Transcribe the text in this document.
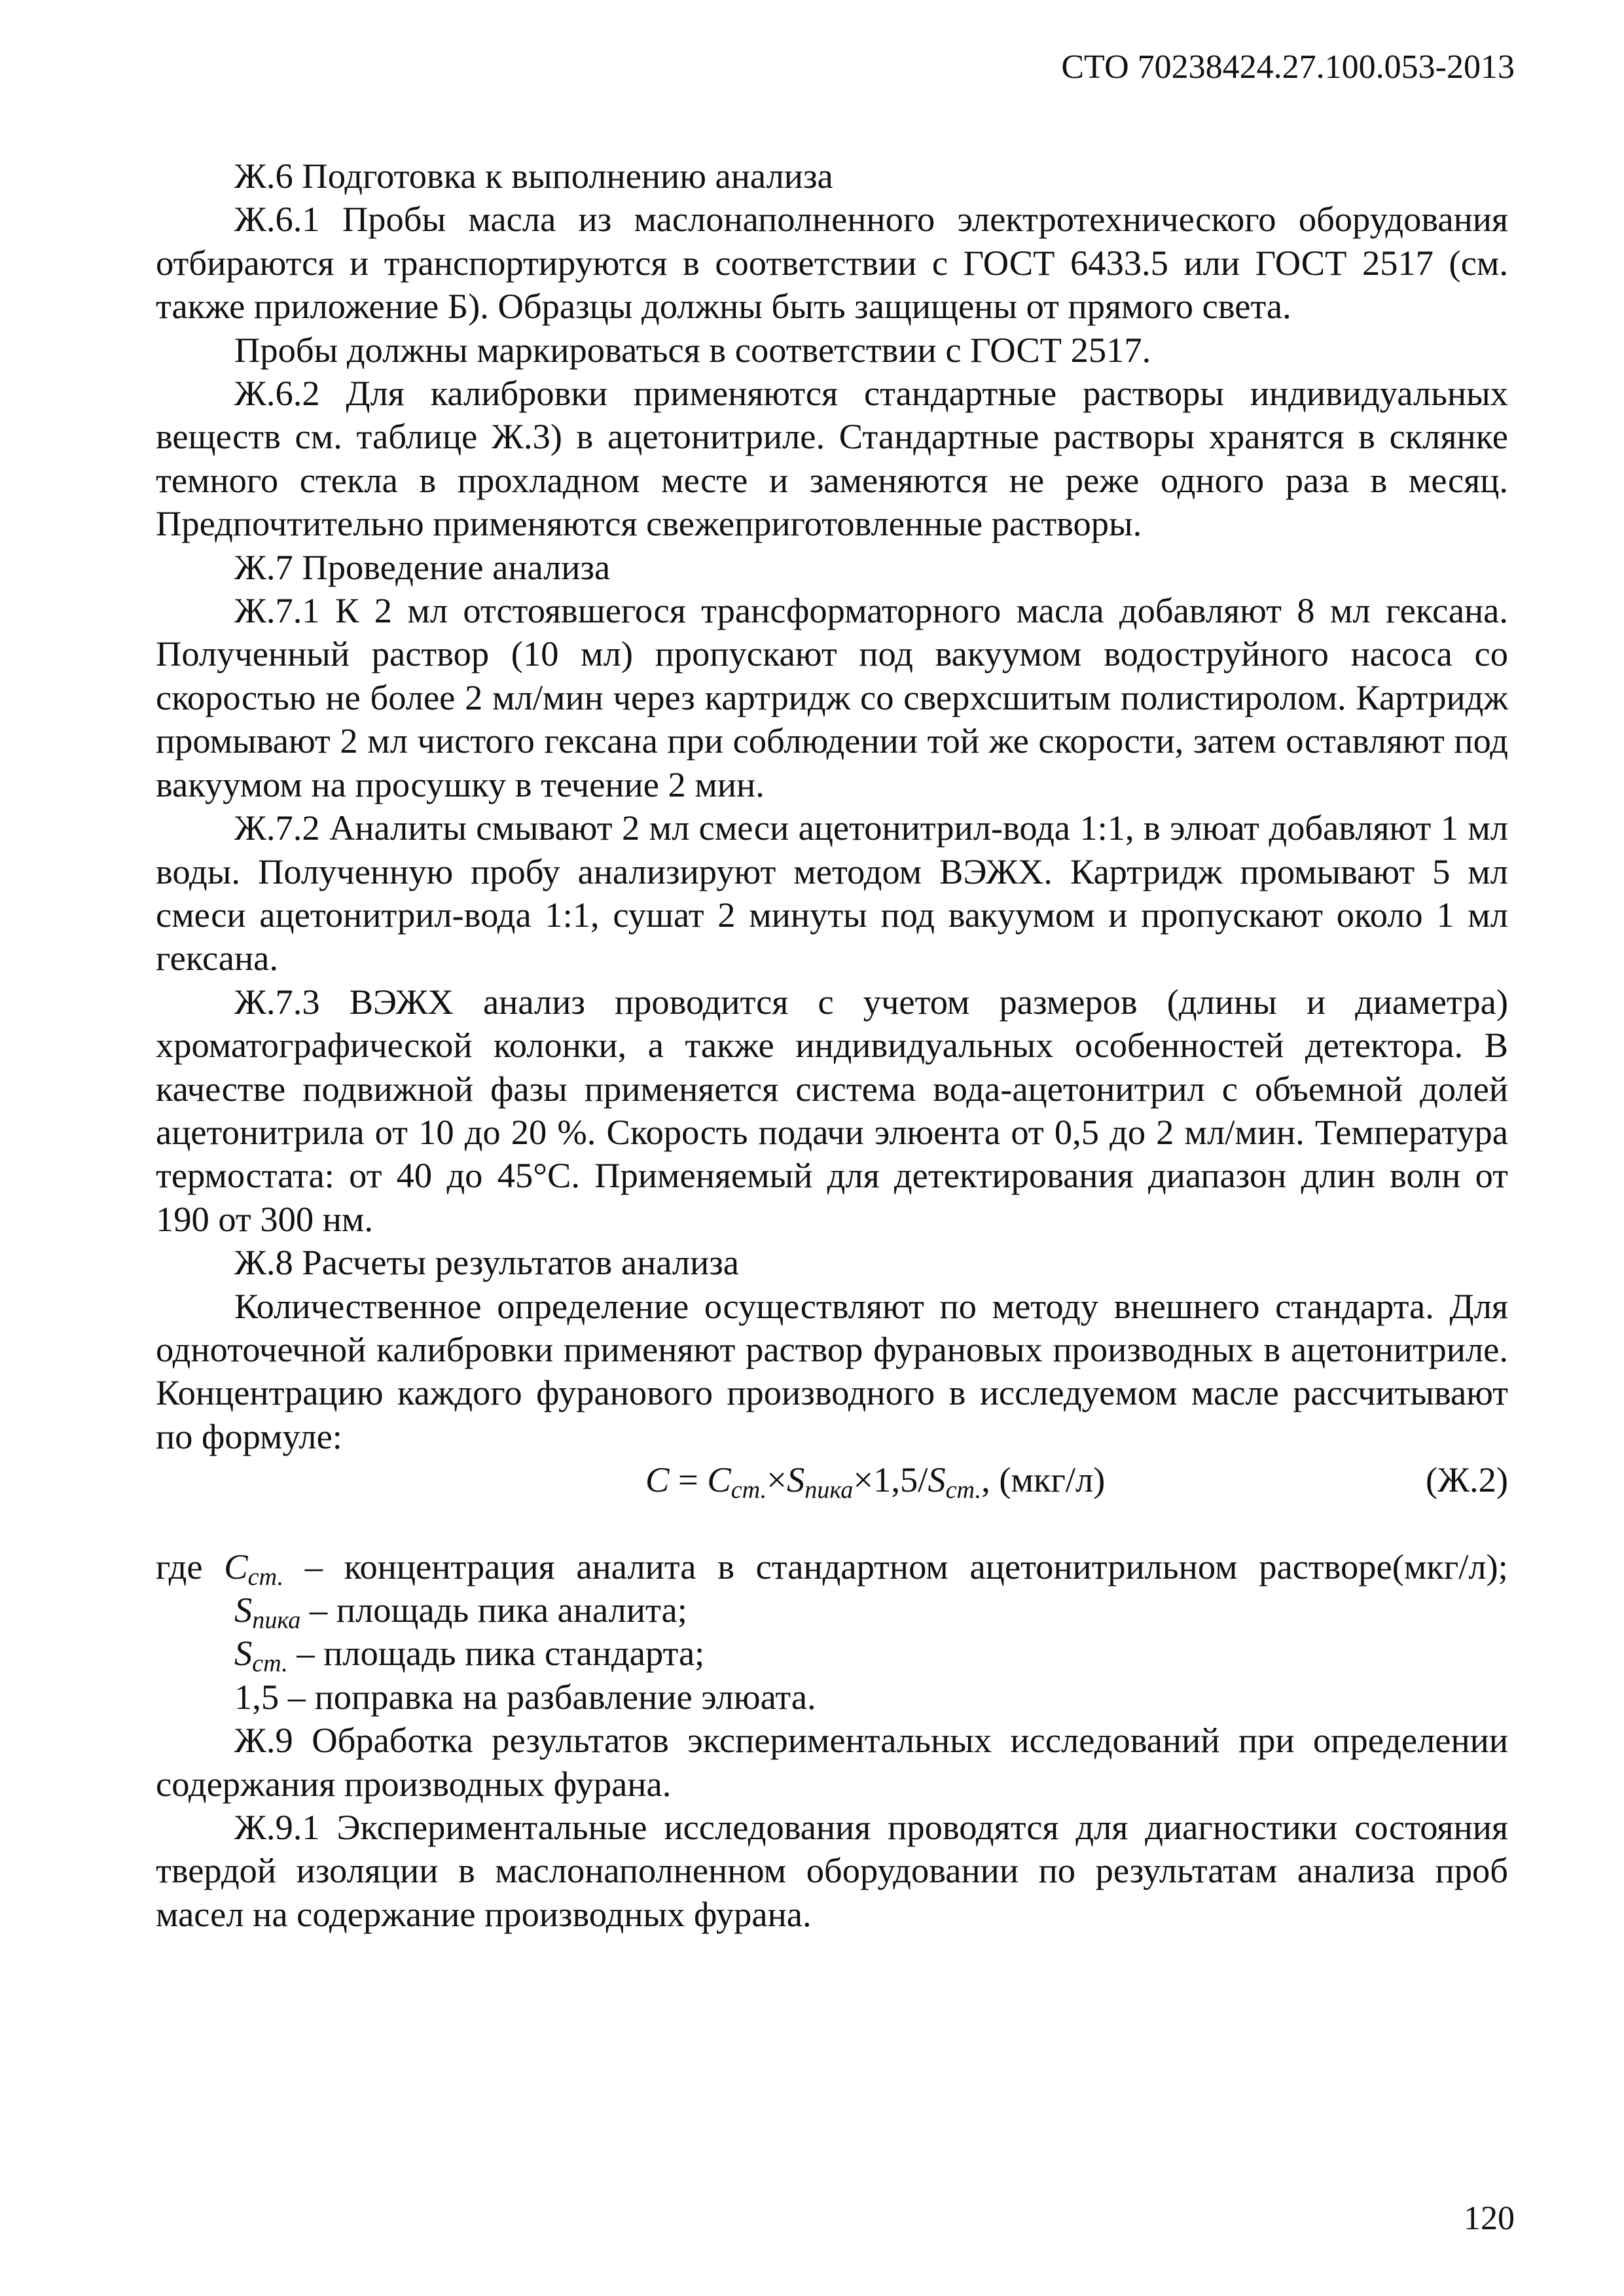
СТО 70238424.27.100.053-2013

Ж.6 Подготовка к выполнению анализа

Ж.6.1 Пробы масла из маслонаполненного электротехнического оборудования отбираются и транспортируются в соответствии с ГОСТ 6433.5 или ГОСТ 2517 (см. также приложение Б). Образцы должны быть защищены от прямого света.

Пробы должны маркироваться в соответствии с ГОСТ 2517.

Ж.6.2 Для калибровки применяются стандартные растворы индивидуальных веществ см. таблице Ж.3) в ацетонитриле. Стандартные растворы хранятся в склянке темного стекла в прохладном месте и заменяются не реже одного раза в месяц. Предпочтительно применяются свежеприготовленные растворы.

Ж.7 Проведение анализа

Ж.7.1 К 2 мл отстоявшегося трансформаторного масла добавляют 8 мл гексана. Полученный раствор (10 мл) пропускают под вакуумом водоструйного насоса со скоростью не более 2 мл/мин через картридж со сверхсшитым полистиролом. Картридж промывают 2 мл чистого гексана при соблюдении той же скорости, затем оставляют под вакуумом на просушку в течение 2 мин.

Ж.7.2 Аналиты смывают 2 мл смеси ацетонитрил-вода 1:1, в элюат добавляют 1 мл воды. Полученную пробу анализируют методом ВЭЖХ. Картридж промывают 5 мл смеси ацетонитрил-вода 1:1, сушат 2 минуты под вакуумом и пропускают около 1 мл гексана.

Ж.7.3 ВЭЖХ анализ проводится с учетом размеров (длины и диаметра) хроматографической колонки, а также индивидуальных особенностей детектора. В качестве подвижной фазы применяется система вода-ацетонитрил с объемной долей ацетонитрила от 10 до 20 %. Скорость подачи элюента от 0,5 до 2 мл/мин. Температура термостата: от 40 до 45°С. Применяемый для детектирования диапазон длин волн от 190 от 300 нм.

Ж.8 Расчеты результатов анализа

Количественное определение осуществляют по методу внешнего стандарта. Для одноточечной калибровки применяют раствор фурановых производных в ацетонитриле. Концентрацию каждого фуранового производного в исследуемом масле рассчитывают по формуле:

$C = C_{ст.}\times S_{пика}\times 1,5/S_{ст.}$, (мкг/л)	(Ж.2)

где $C_{ст.}$ – концентрация аналита в стандартном ацетонитрильном растворе(мкг/л);

$S_{пика}$ – площадь пика аналита;

$S_{ст.}$ – площадь пика стандарта;

1,5 – поправка на разбавление элюата.

Ж.9 Обработка результатов экспериментальных исследований при определении содержания производных фурана.

Ж.9.1 Экспериментальные исследования проводятся для диагностики состояния твердой изоляции в маслонаполненном оборудовании по результатам анализа проб масел на содержание производных фурана.

120
